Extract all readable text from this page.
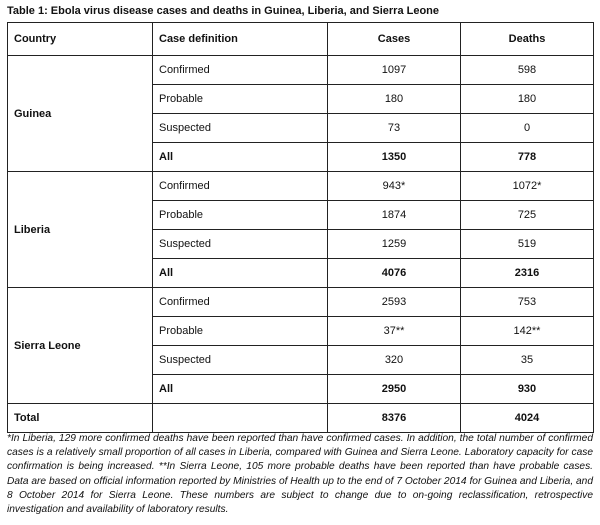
Table 1: Ebola virus disease cases and deaths in Guinea, Liberia, and Sierra Leone
Country	Case definition	Cases	Deaths
Guinea	Confirmed	1097	598
	Probable	180	180
	Suspected	73	0
	All	1350	778
Liberia	Confirmed	943*	1072*
	Probable	1874	725
	Suspected	1259	519
	All	4076	2316
Sierra Leone	Confirmed	2593	753
	Probable	37**	142**
	Suspected	320	35
	All	2950	930
Total		8376	4024
*In Liberia, 129 more confirmed deaths have been reported than have confirmed cases. In addition, the total number of confirmed cases is a relatively small proportion of all cases in Liberia, compared with Guinea and Sierra Leone. Laboratory capacity for case confirmation is being increased. **In Sierra Leone, 105 more probable deaths have been reported than have probable cases. Data are based on official information reported by Ministries of Health up to the end of 7 October 2014 for Guinea and Liberia, and 8 October 2014 for Sierra Leone. These numbers are subject to change due to on-going reclassification, retrospective investigation and availability of laboratory results.
